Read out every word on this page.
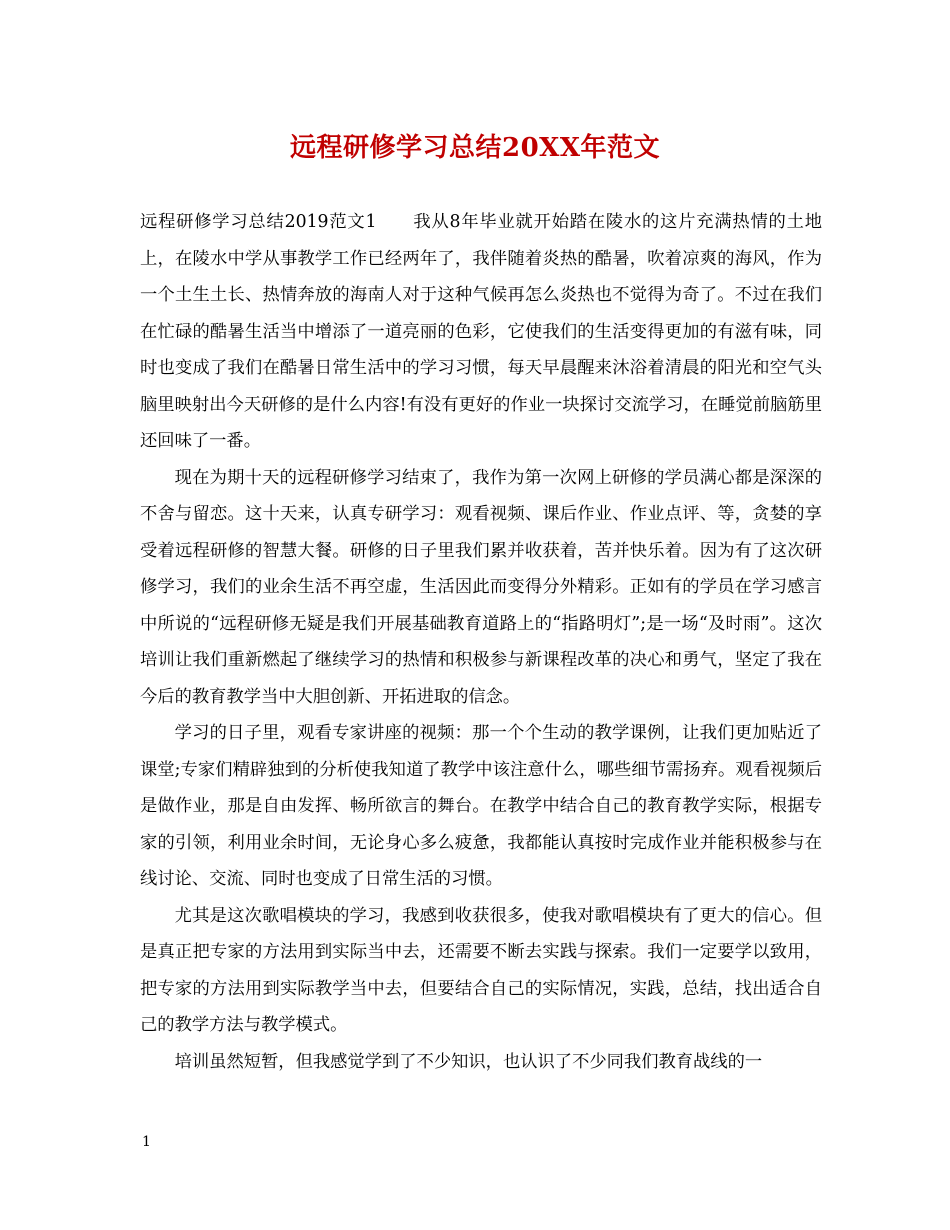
远程研修学习总结20XX年范文

远程研修学习总结2019范文1　　我从8年毕业就开始踏在陵水的这片充满热情的土地上，在陵水中学从事教学工作已经两年了，我伴随着炎热的酷暑，吹着凉爽的海风，作为一个土生土长、热情奔放的海南人对于这种气候再怎么炎热也不觉得为奇了。不过在我们在忙碌的酷暑生活当中增添了一道亮丽的色彩，它使我们的生活变得更加的有滋有味，同时也变成了我们在酷暑日常生活中的学习习惯，每天早晨醒来沐浴着清晨的阳光和空气头脑里映射出今天研修的是什么内容!有没有更好的作业一块探讨交流学习，在睡觉前脑筋里还回味了一番。

现在为期十天的远程研修学习结束了，我作为第一次网上研修的学员满心都是深深的不舍与留恋。这十天来，认真专研学习：观看视频、课后作业、作业点评、等，贪婪的享受着远程研修的智慧大餐。研修的日子里我们累并收获着，苦并快乐着。因为有了这次研修学习，我们的业余生活不再空虚，生活因此而变得分外精彩。正如有的学员在学习感言中所说的“远程研修无疑是我们开展基础教育道路上的“指路明灯”;是一场“及时雨”。这次培训让我们重新燃起了继续学习的热情和积极参与新课程改革的决心和勇气，坚定了我在今后的教育教学当中大胆创新、开拓进取的信念。

学习的日子里，观看专家讲座的视频：那一个个生动的教学课例，让我们更加贴近了课堂;专家们精辟独到的分析使我知道了教学中该注意什么，哪些细节需扬弃。观看视频后是做作业，那是自由发挥、畅所欲言的舞台。在教学中结合自己的教育教学实际，根据专家的引领，利用业余时间，无论身心多么疲惫，我都能认真按时完成作业并能积极参与在线讨论、交流、同时也变成了日常生活的习惯。

尤其是这次歌唱模块的学习，我感到收获很多，使我对歌唱模块有了更大的信心。但是真正把专家的方法用到实际当中去，还需要不断去实践与探索。我们一定要学以致用，把专家的方法用到实际教学当中去，但要结合自己的实际情况，实践，总结，找出适合自己的教学方法与教学模式。

培训虽然短暂，但我感觉学到了不少知识，也认识了不少同我们教育战线的一

1
